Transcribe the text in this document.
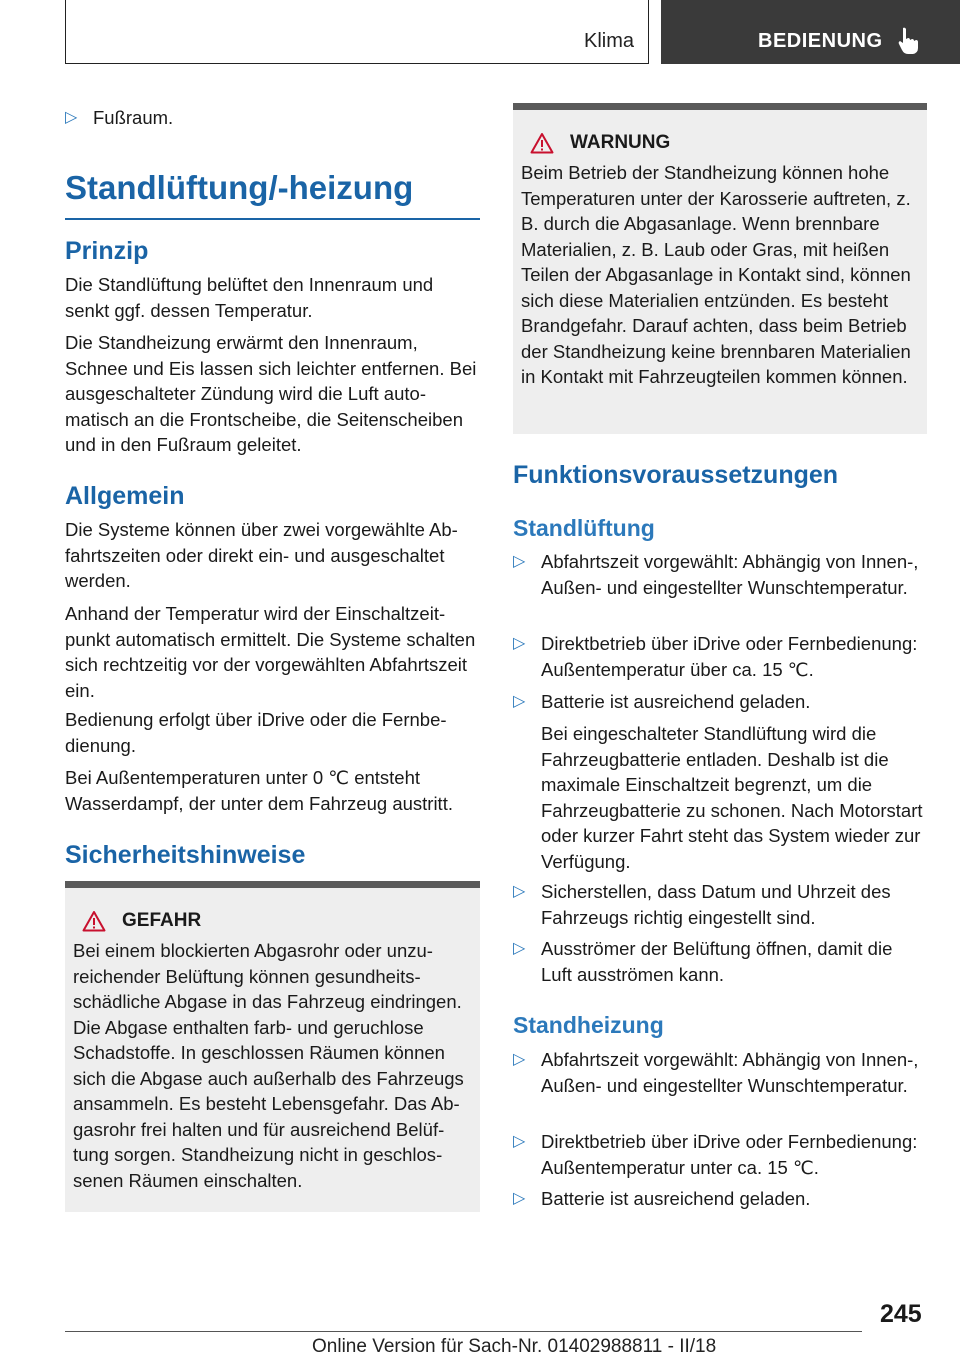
Klima	BEDIENUNG
▷ Fußraum.
Standlüftung/-heizung
Prinzip
Die Standlüftung belüftet den Innenraum und senkt ggf. dessen Temperatur.
Die Standheizung erwärmt den Innenraum, Schnee und Eis lassen sich leichter entfernen. Bei ausgeschalteter Zündung wird die Luft automatisch an die Frontscheibe, die Seitenscheiben und in den Fußraum geleitet.
Allgemein
Die Systeme können über zwei vorgewählte Abfahrtszeiten oder direkt ein- und ausgeschaltet werden.
Anhand der Temperatur wird der Einschaltzeitpunkt automatisch ermittelt. Die Systeme schalten sich rechtzeitig vor der vorgewählten Abfahrtszeit ein.
Bedienung erfolgt über iDrive oder die Fernbedienung.
Bei Außentemperaturen unter 0 ℃ entsteht Wasserdampf, der unter dem Fahrzeug austritt.
Sicherheitshinweise
GEFAHR
Bei einem blockierten Abgasrohr oder unzureichender Belüftung können gesundheitsschädliche Abgase in das Fahrzeug eindringen. Die Abgase enthalten farb- und geruchlose Schadstoffe. In geschlossen Räumen können sich die Abgase auch außerhalb des Fahrzeugs ansammeln. Es besteht Lebensgefahr. Das Abgasrohr frei halten und für ausreichend Belüftung sorgen. Standheizung nicht in geschlossenen Räumen einschalten.
WARNUNG
Beim Betrieb der Standheizung können hohe Temperaturen unter der Karosserie auftreten, z. B. durch die Abgasanlage. Wenn brennbare Materialien, z. B. Laub oder Gras, mit heißen Teilen der Abgasanlage in Kontakt sind, können sich diese Materialien entzünden. Es besteht Brandgefahr. Darauf achten, dass beim Betrieb der Standheizung keine brennbaren Materialien in Kontakt mit Fahrzeugteilen kommen können.
Funktionsvoraussetzungen
Standlüftung
▷ Abfahrtszeit vorgewählt: Abhängig von Innen-, Außen- und eingestellter Wunschtemperatur.
▷ Direktbetrieb über iDrive oder Fernbedienung: Außentemperatur über ca. 15 ℃.
▷ Batterie ist ausreichend geladen.
Bei eingeschalteter Standlüftung wird die Fahrzeugbatterie entladen. Deshalb ist die maximale Einschaltzeit begrenzt, um die Fahrzeugbatterie zu schonen. Nach Motorstart oder kurzer Fahrt steht das System wieder zur Verfügung.
▷ Sicherstellen, dass Datum und Uhrzeit des Fahrzeugs richtig eingestellt sind.
▷ Ausströmer der Belüftung öffnen, damit die Luft ausströmen kann.
Standheizung
▷ Abfahrtszeit vorgewählt: Abhängig von Innen-, Außen- und eingestellter Wunschtemperatur.
▷ Direktbetrieb über iDrive oder Fernbedienung: Außentemperatur unter ca. 15 ℃.
▷ Batterie ist ausreichend geladen.
245
Online Version für Sach-Nr. 01402988811 - II/18
